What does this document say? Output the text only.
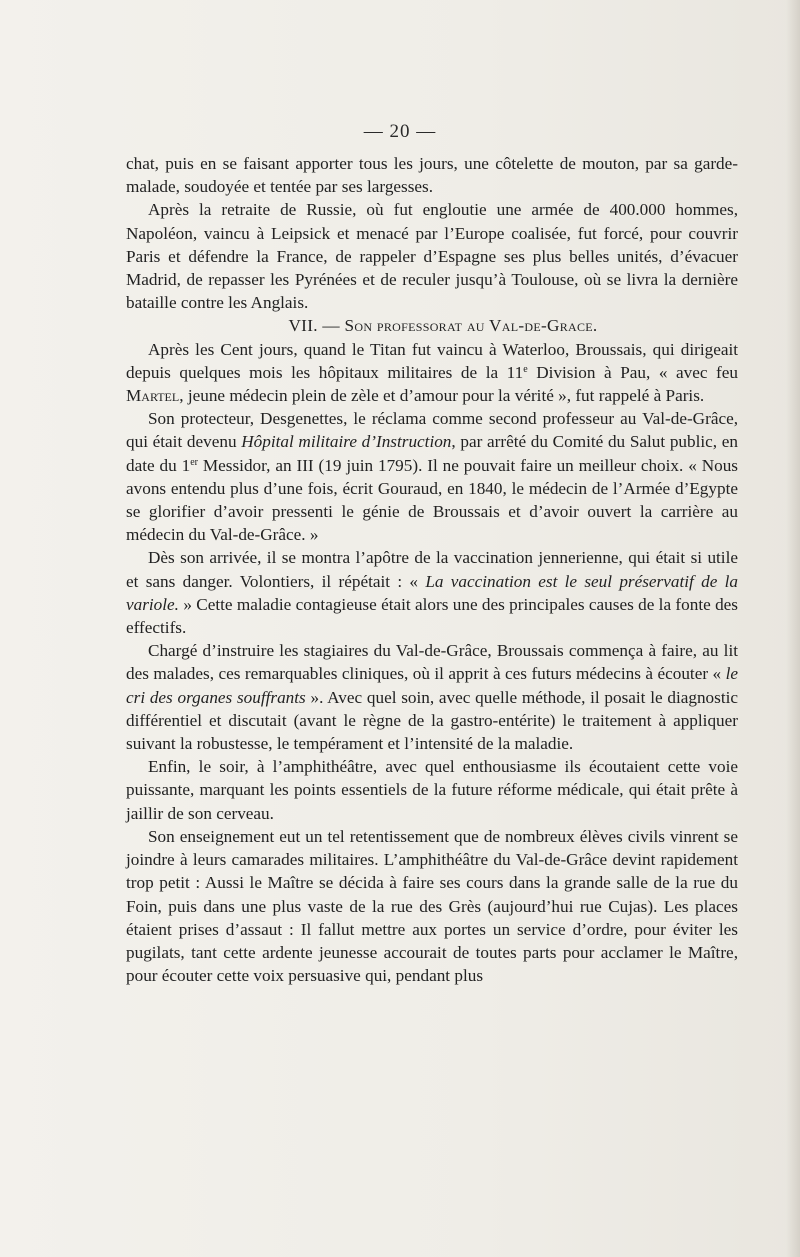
— 20 —

chat, puis en se faisant apporter tous les jours, une côtelette de mouton, par sa garde-malade, soudoyée et tentée par ses largesses.

Après la retraite de Russie, où fut engloutie une armée de 400.000 hommes, Napoléon, vaincu à Leipsick et menacé par l’Europe coalisée, fut forcé, pour couvrir Paris et défendre la France, de rappeler d’Espagne ses plus belles unités, d’évacuer Madrid, de repasser les Pyrénées et de reculer jusqu’à Toulouse, où se livra la dernière bataille contre les Anglais.

VII. — Son professorat au Val-de-Grace.

Après les Cent jours, quand le Titan fut vaincu à Waterloo, Broussais, qui dirigeait depuis quelques mois les hôpitaux militaires de la 11e Division à Pau, « avec feu Martel, jeune médecin plein de zèle et d’amour pour la vérité », fut rappelé à Paris.

Son protecteur, Desgenettes, le réclama comme second professeur au Val-de-Grâce, qui était devenu Hôpital militaire d’Instruction, par arrêté du Comité du Salut public, en date du 1er Messidor, an III (19 juin 1795). Il ne pouvait faire un meilleur choix. « Nous avons entendu plus d’une fois, écrit Gouraud, en 1840, le médecin de l’Armée d’Egypte se glorifier d’avoir pressenti le génie de Broussais et d’avoir ouvert la carrière au médecin du Val-de-Grâce. »

Dès son arrivée, il se montra l’apôtre de la vaccination jennerienne, qui était si utile et sans danger. Volontiers, il répétait : « La vaccination est le seul préservatif de la variole. » Cette maladie contagieuse était alors une des principales causes de la fonte des effectifs.

Chargé d’instruire les stagiaires du Val-de-Grâce, Broussais commença à faire, au lit des malades, ces remarquables cliniques, où il apprit à ces futurs médecins à écouter « le cri des organes souffrants ». Avec quel soin, avec quelle méthode, il posait le diagnostic différentiel et discutait (avant le règne de la gastro-entérite) le traitement à appliquer suivant la robustesse, le tempérament et l’intensité de la maladie.

Enfin, le soir, à l’amphithéâtre, avec quel enthousiasme ils écoutaient cette voie puissante, marquant les points essentiels de la future réforme médicale, qui était prête à jaillir de son cerveau.

Son enseignement eut un tel retentissement que de nombreux élèves civils vinrent se joindre à leurs camarades militaires. L’amphithéâtre du Val-de-Grâce devint rapidement trop petit : Aussi le Maître se décida à faire ses cours dans la grande salle de la rue du Foin, puis dans une plus vaste de la rue des Grès (aujourd’hui rue Cujas). Les places étaient prises d’assaut : Il fallut mettre aux portes un service d’ordre, pour éviter les pugilats, tant cette ardente jeunesse accourait de toutes parts pour acclamer le Maître, pour écouter cette voix persuasive qui, pendant plus
